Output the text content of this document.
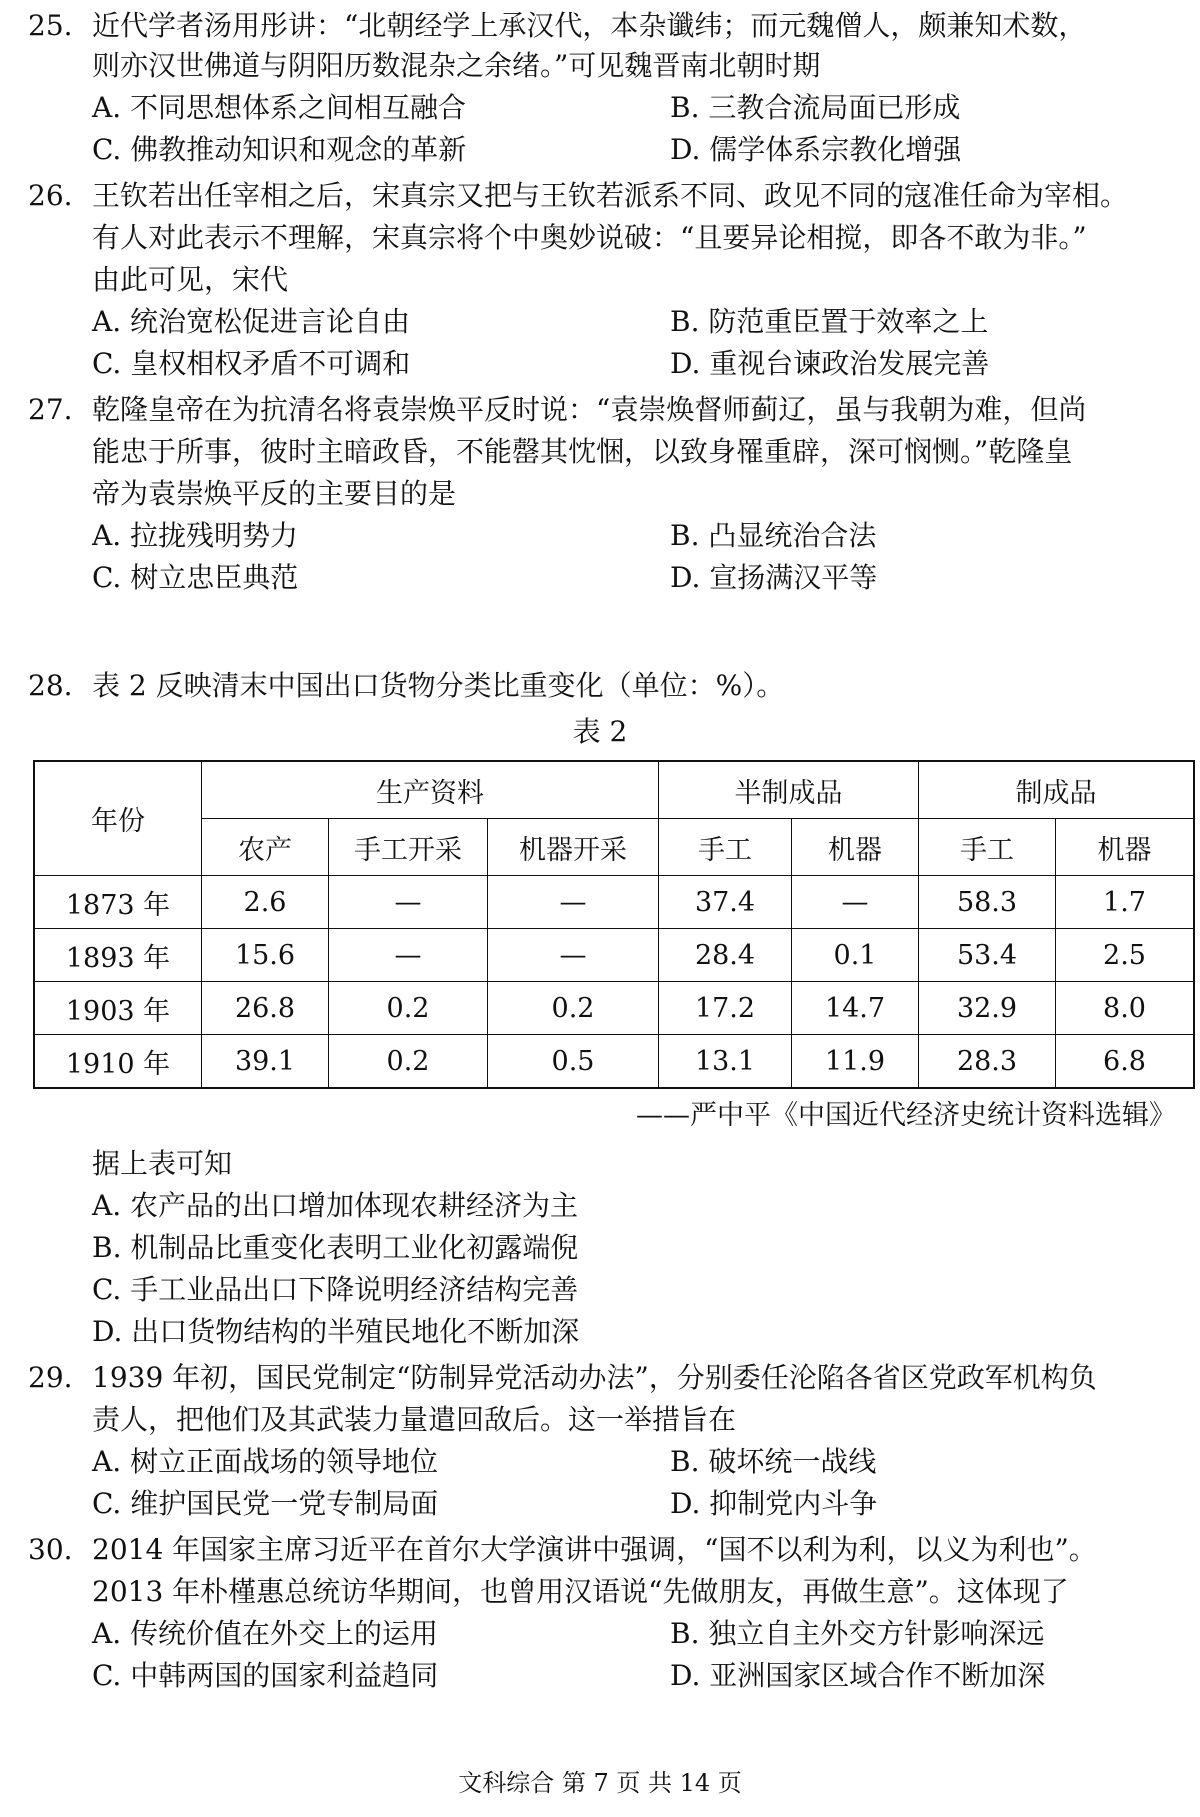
25. 近代学者汤用彤讲：“北朝经学上承汉代，本杂谶纬；而元魏僧人，颇兼知术数，
则亦汉世佛道与阴阳历数混杂之余绪。”可见魏晋南北朝时期
A. 不同思想体系之间相互融合	B. 三教合流局面已形成
C. 佛教推动知识和观念的革新	D. 儒学体系宗教化增强
26. 王钦若出任宰相之后，宋真宗又把与王钦若派系不同、政见不同的寇准任命为宰相。
有人对此表示不理解，宋真宗将个中奥妙说破：“且要异论相搅，即各不敢为非。”
由此可见，宋代
A. 统治宽松促进言论自由	B. 防范重臣置于效率之上
C. 皇权相权矛盾不可调和	D. 重视台谏政治发展完善
27. 乾隆皇帝在为抗清名将袁崇焕平反时说：“袁崇焕督师蓟辽，虽与我朝为难，但尚
能忠于所事，彼时主暗政昏，不能罄其忱悃，以致身罹重辟，深可悯恻。”乾隆皇
帝为袁崇焕平反的主要目的是
A. 拉拢残明势力	B. 凸显统治合法
C. 树立忠臣典范	D. 宣扬满汉平等
28. 表 2 反映清末中国出口货物分类比重变化（单位：%）。
表 2
年份	生产资料			半制成品		制成品	
	农产	手工开采	机器开采	手工	机器	手工	机器
1873 年	2.6	—	—	37.4	—	58.3	1.7
1893 年	15.6	—	—	28.4	0.1	53.4	2.5
1903 年	26.8	0.2	0.2	17.2	14.7	32.9	8.0
1910 年	39.1	0.2	0.5	13.1	11.9	28.3	6.8
——严中平《中国近代经济史统计资料选辑》
据上表可知
A. 农产品的出口增加体现农耕经济为主
B. 机制品比重变化表明工业化初露端倪
C. 手工业品出口下降说明经济结构完善
D. 出口货物结构的半殖民地化不断加深
29. 1939 年初，国民党制定“防制异党活动办法”，分别委任沦陷各省区党政军机构负
责人，把他们及其武装力量遣回敌后。这一举措旨在
A. 树立正面战场的领导地位	B. 破坏统一战线
C. 维护国民党一党专制局面	D. 抑制党内斗争
30. 2014 年国家主席习近平在首尔大学演讲中强调，“国不以利为利，以义为利也”。
2013 年朴槿惠总统访华期间，也曾用汉语说“先做朋友，再做生意”。这体现了
A. 传统价值在外交上的运用	B. 独立自主外交方针影响深远
C. 中韩两国的国家利益趋同	D. 亚洲国家区域合作不断加深
文科综合 第 7 页 共 14 页
